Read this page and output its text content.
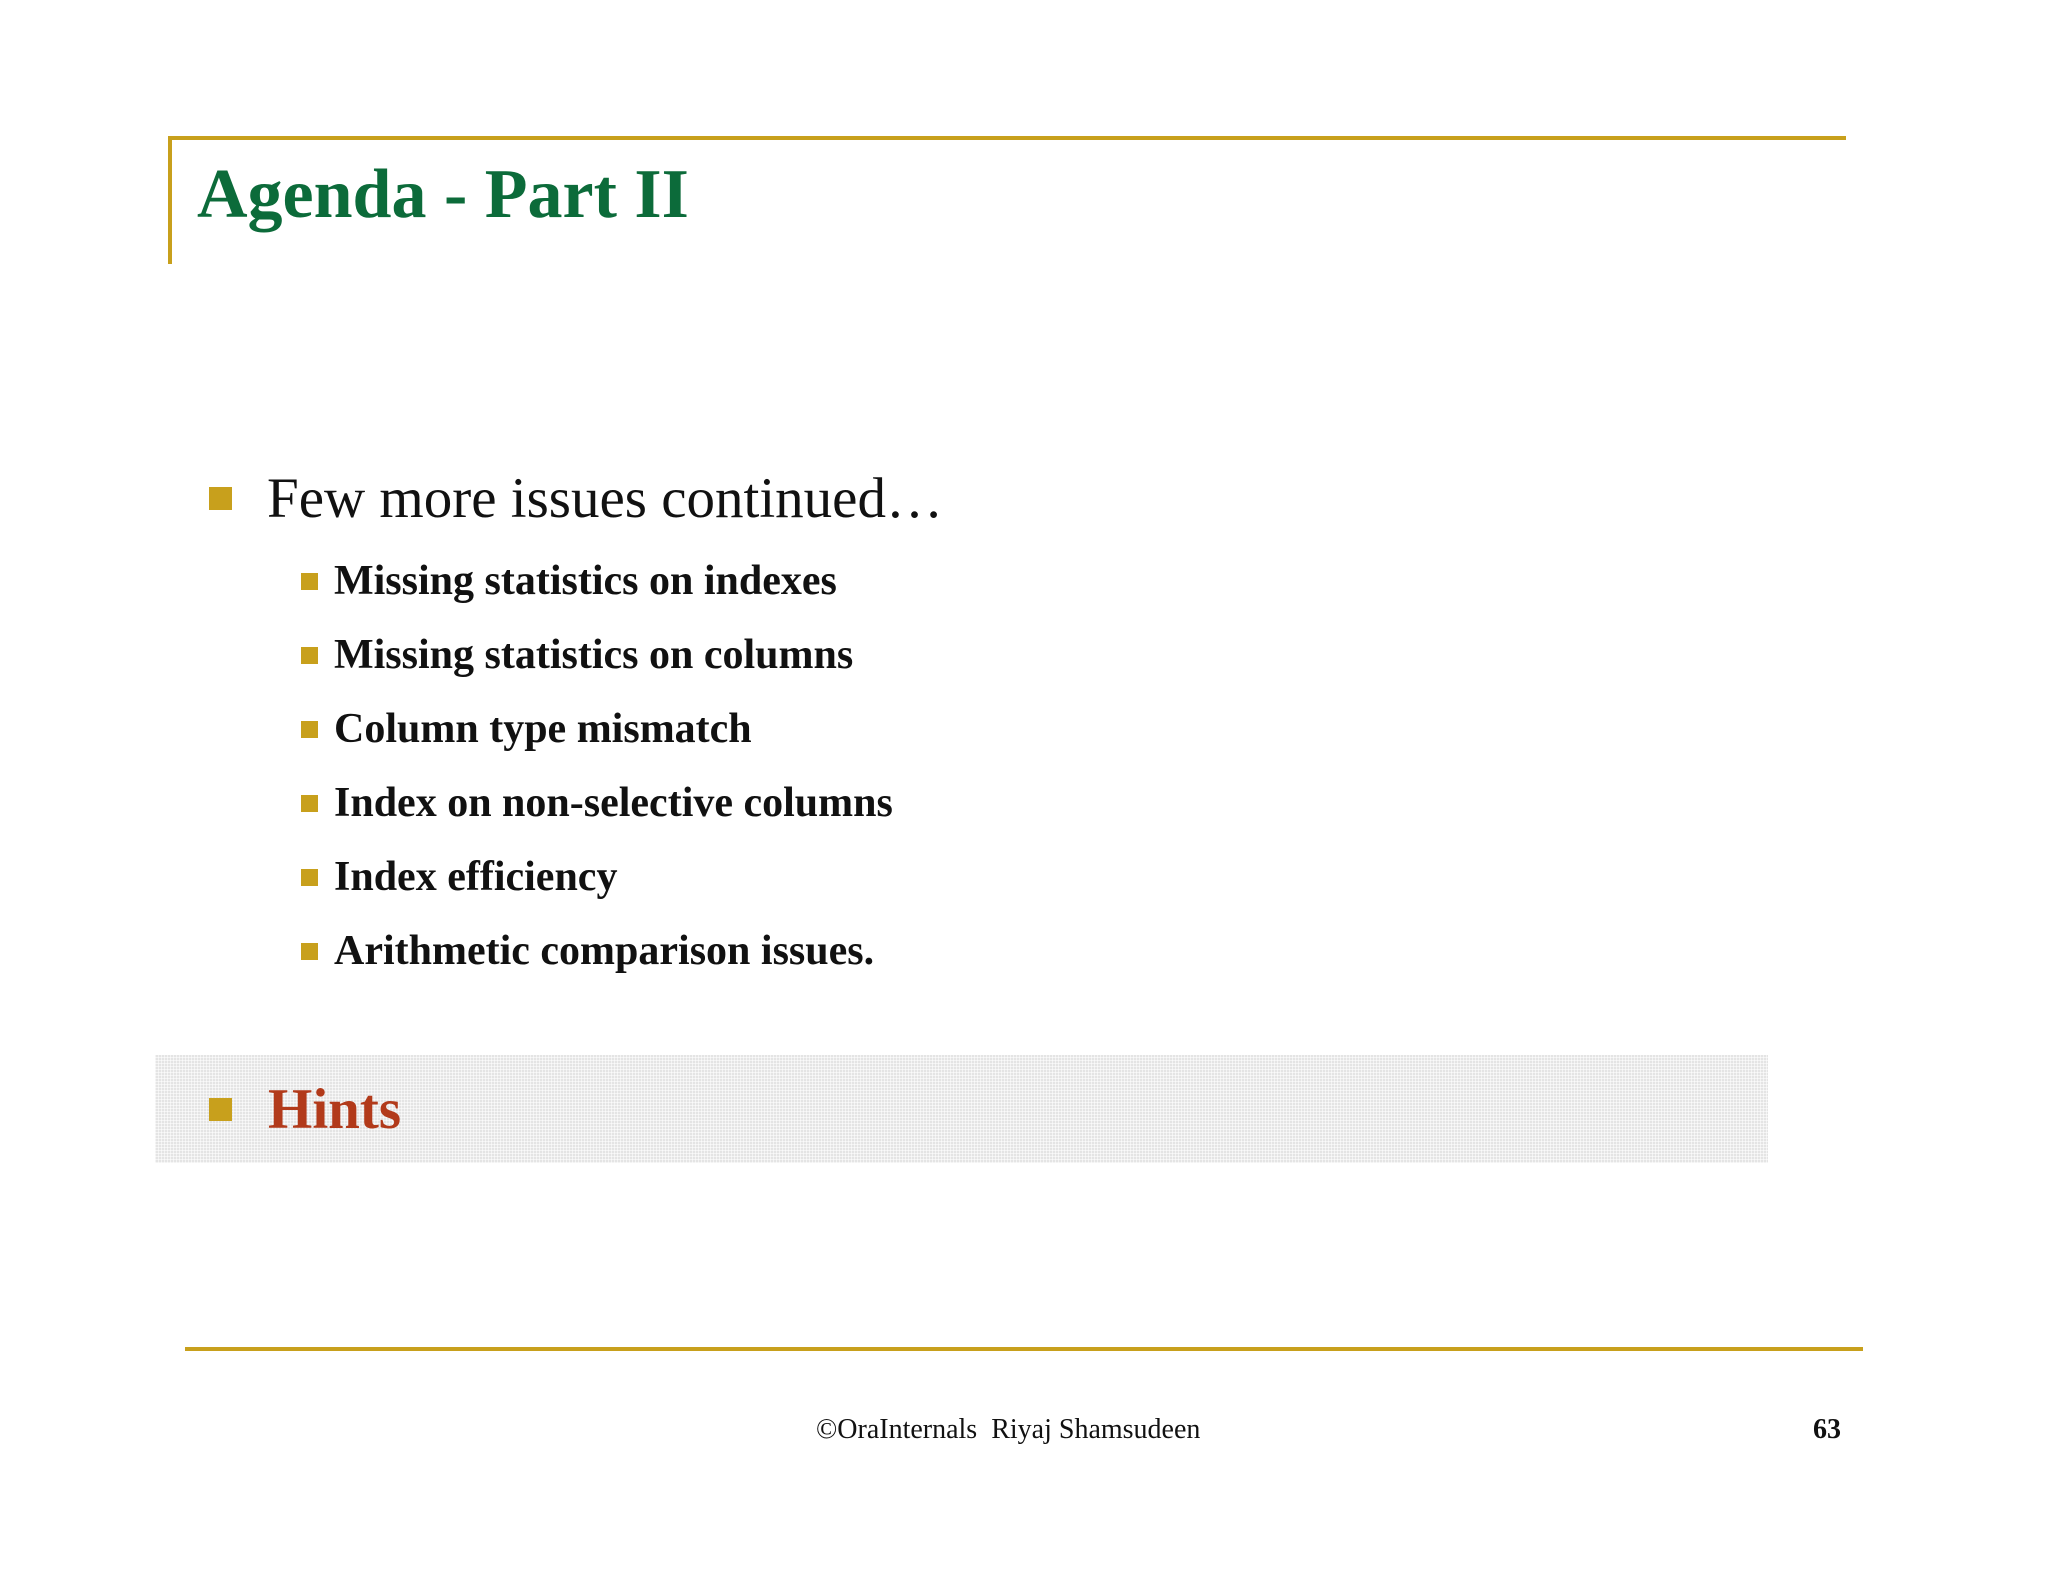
Agenda - Part II
Few more issues continued…
Missing statistics on indexes
Missing statistics on columns
Column type mismatch
Index on non-selective columns
Index efficiency
Arithmetic comparison issues.
Hints
©OraInternals  Riyaj Shamsudeen	63
